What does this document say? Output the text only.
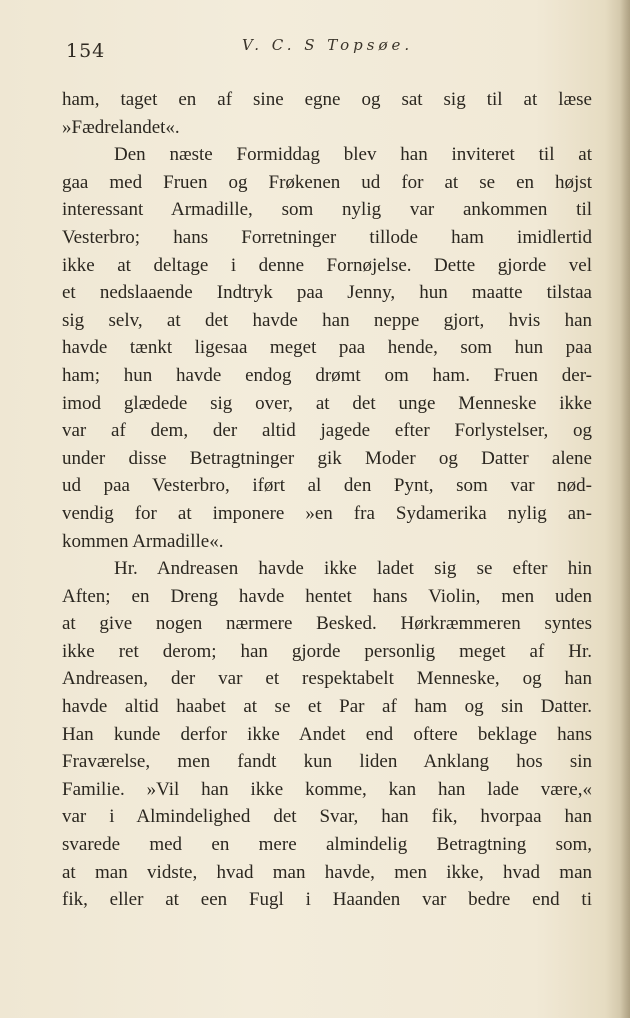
154	V. C. S Topsøe.
ham, taget en af sine egne og sat sig til at læse
»Fædrelandet«.
Den næste Formiddag blev han inviteret til at
gaa med Fruen og Frøkenen ud for at se en højst
interessant Armadille, som nylig var ankommen til
Vesterbro; hans Forretninger tillode ham imidlertid
ikke at deltage i denne Fornøjelse. Dette gjorde vel
et nedslaaende Indtryk paa Jenny, hun maatte tilstaa
sig selv, at det havde han neppe gjort, hvis han
havde tænkt ligesaa meget paa hende, som hun paa
ham; hun havde endog drømt om ham. Fruen der-
imod glædede sig over, at det unge Menneske ikke
var af dem, der altid jagede efter Forlystelser, og
under disse Betragtninger gik Moder og Datter alene
ud paa Vesterbro, iført al den Pynt, som var nød-
vendig for at imponere »en fra Sydamerika nylig an-
kommen Armadille«.
Hr. Andreasen havde ikke ladet sig se efter hin
Aften; en Dreng havde hentet hans Violin, men uden
at give nogen nærmere Besked. Hørkræmmeren syntes
ikke ret derom; han gjorde personlig meget af Hr.
Andreasen, der var et respektabelt Menneske, og han
havde altid haabet at se et Par af ham og sin Datter.
Han kunde derfor ikke Andet end oftere beklage hans
Fraværelse, men fandt kun liden Anklang hos sin
Familie. »Vil han ikke komme, kan han lade være,«
var i Almindelighed det Svar, han fik, hvorpaa han
svarede med en mere almindelig Betragtning som,
at man vidste, hvad man havde, men ikke, hvad man
fik, eller at een Fugl i Haanden var bedre end ti
